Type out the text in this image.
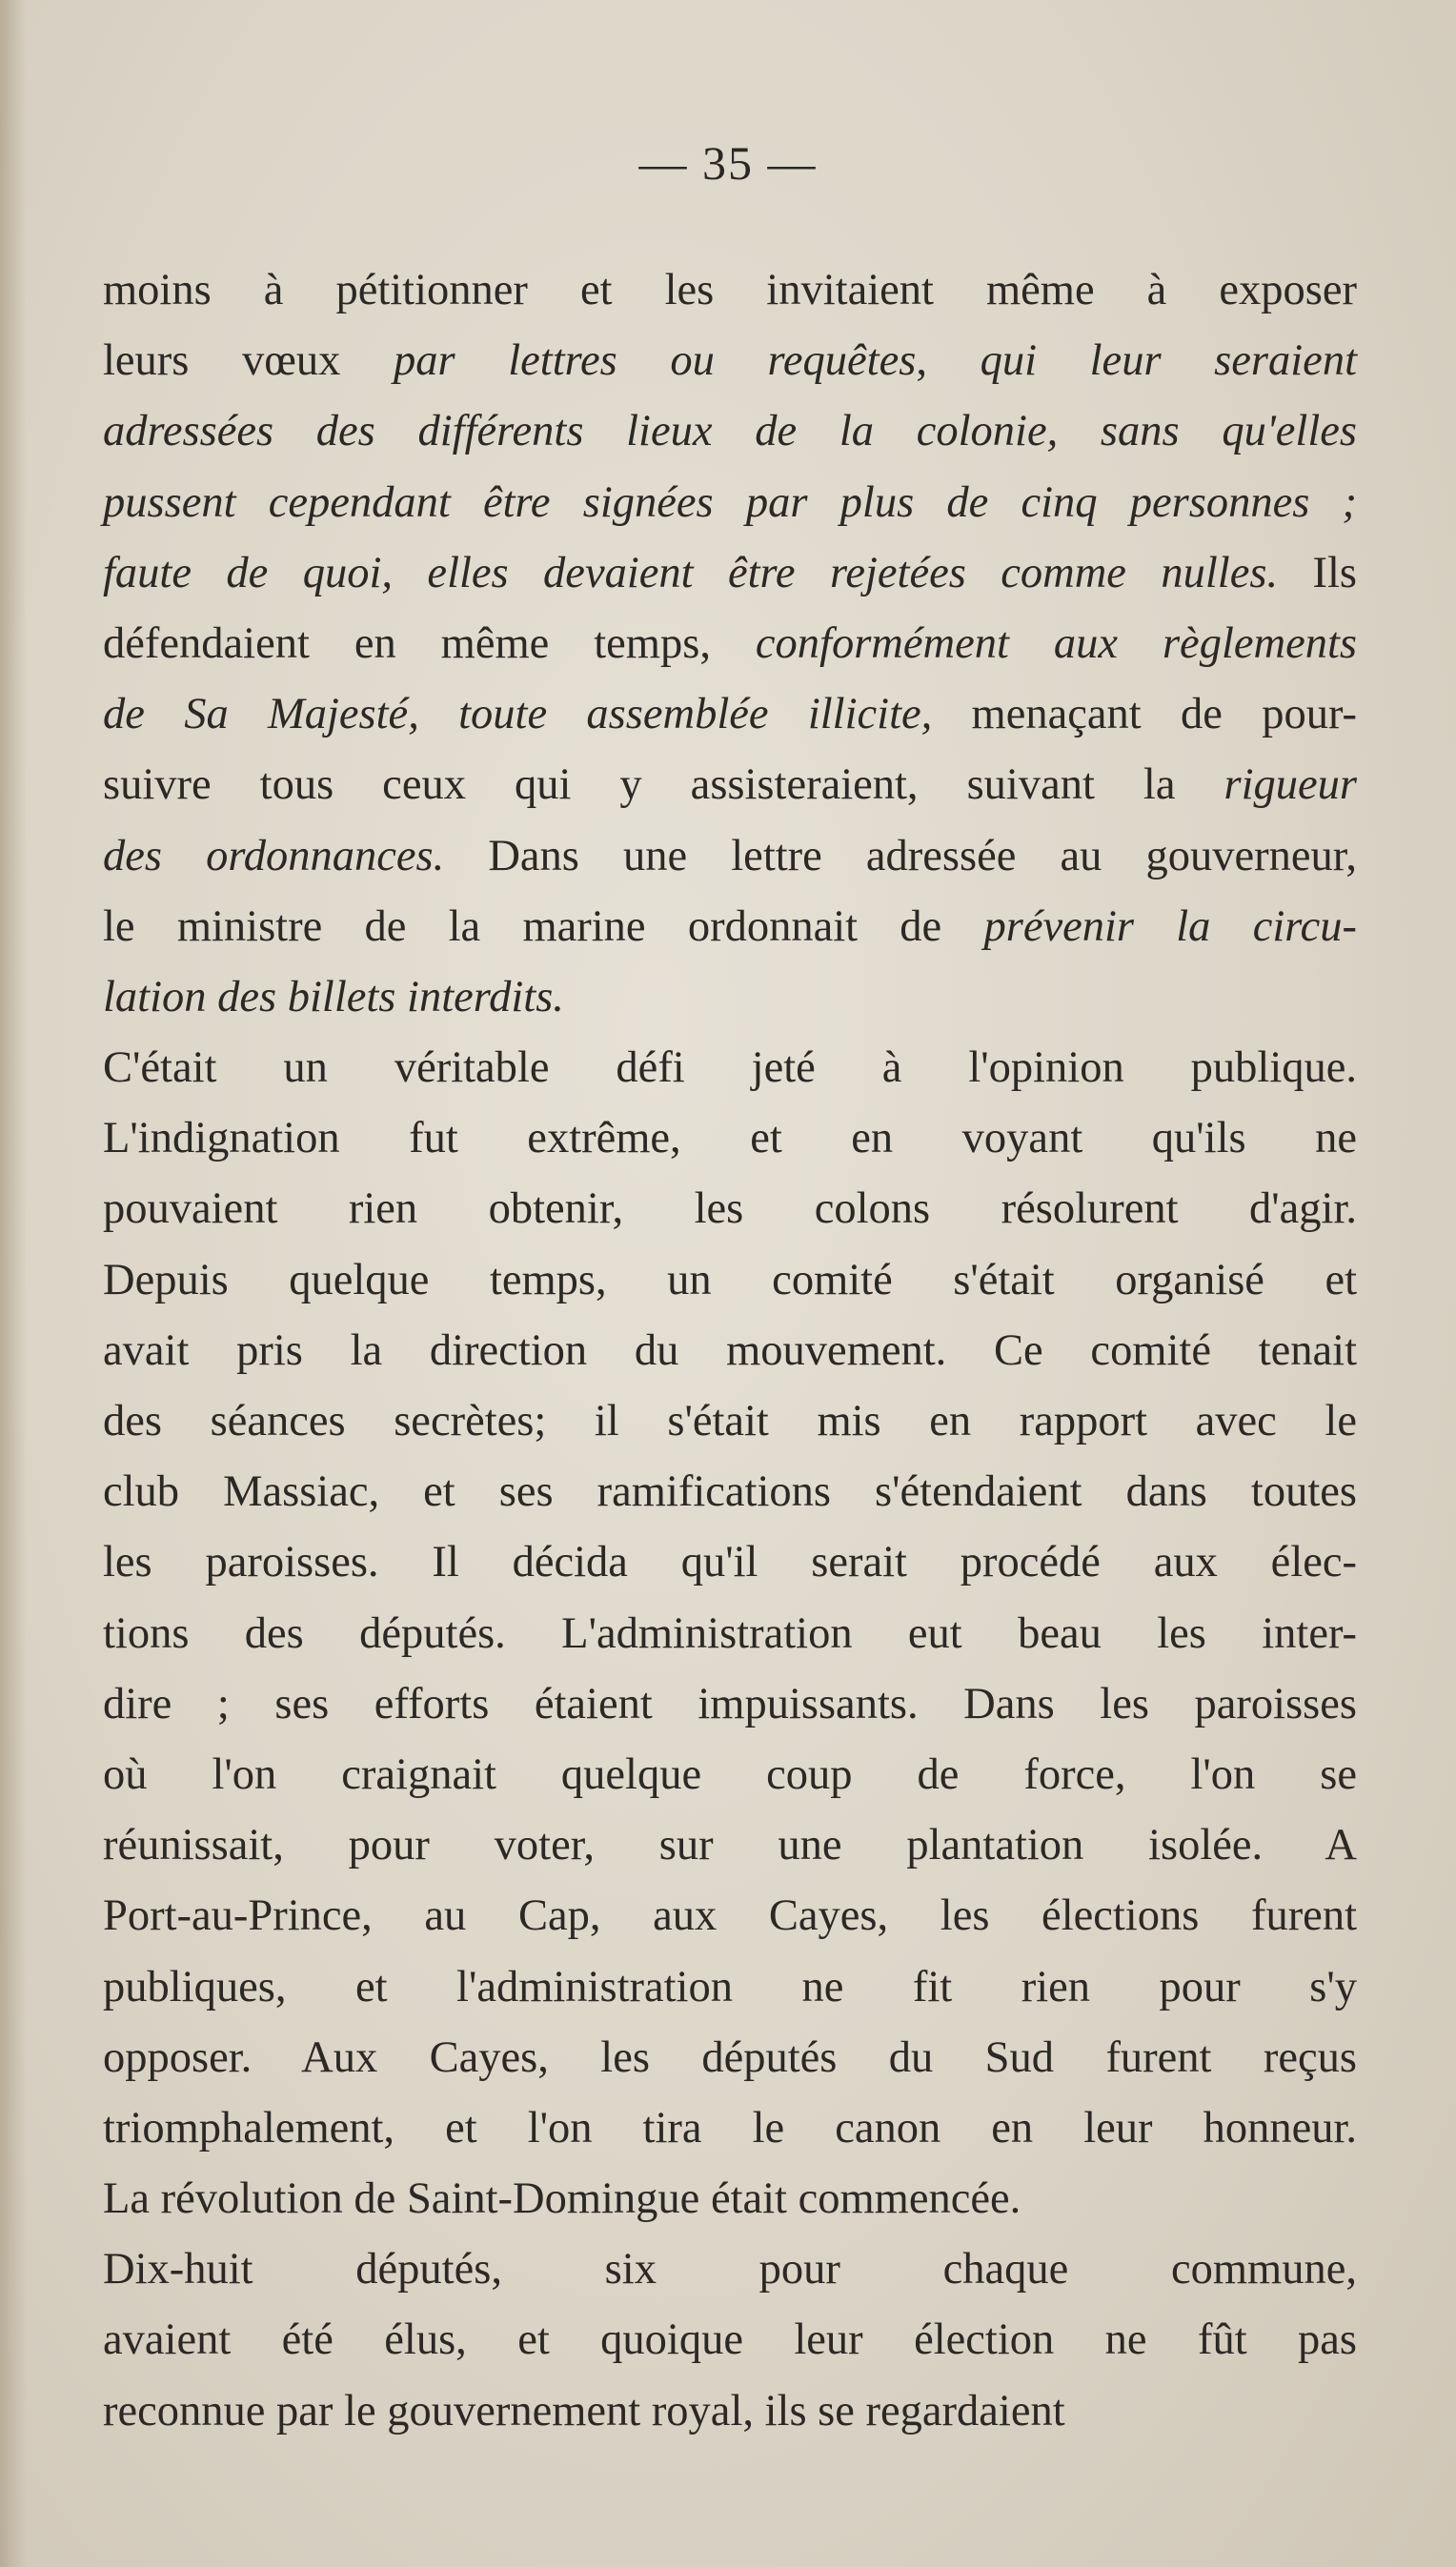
— 35 —
moins à pétitionner et les invitaient même à exposer
leurs vœux par lettres ou requêtes, qui leur seraient
adressées des différents lieux de la colonie, sans qu'elles
pussent cependant être signées par plus de cinq personnes ;
faute de quoi, elles devaient être rejetées comme nulles. Ils
défendaient en même temps, conformément aux règlements
de Sa Majesté, toute assemblée illicite, menaçant de pour-
suivre tous ceux qui y assisteraient, suivant la rigueur
des ordonnances. Dans une lettre adressée au gouverneur,
le ministre de la marine ordonnait de prévenir la circu-
lation des billets interdits.
C'était un véritable défi jeté à l'opinion publique.
L'indignation fut extrême, et en voyant qu'ils ne
pouvaient rien obtenir, les colons résolurent d'agir.
Depuis quelque temps, un comité s'était organisé et
avait pris la direction du mouvement. Ce comité tenait
des séances secrètes; il s'était mis en rapport avec le
club Massiac, et ses ramifications s'étendaient dans toutes
les paroisses. Il décida qu'il serait procédé aux élec-
tions des députés. L'administration eut beau les inter-
dire ; ses efforts étaient impuissants. Dans les paroisses
où l'on craignait quelque coup de force, l'on se
réunissait, pour voter, sur une plantation isolée. A
Port-au-Prince, au Cap, aux Cayes, les élections furent
publiques, et l'administration ne fit rien pour s'y
opposer. Aux Cayes, les députés du Sud furent reçus
triomphalement, et l'on tira le canon en leur honneur.
La révolution de Saint-Domingue était commencée.
Dix-huit députés, six pour chaque commune,
avaient été élus, et quoique leur élection ne fût pas
reconnue par le gouvernement royal, ils se regardaient
